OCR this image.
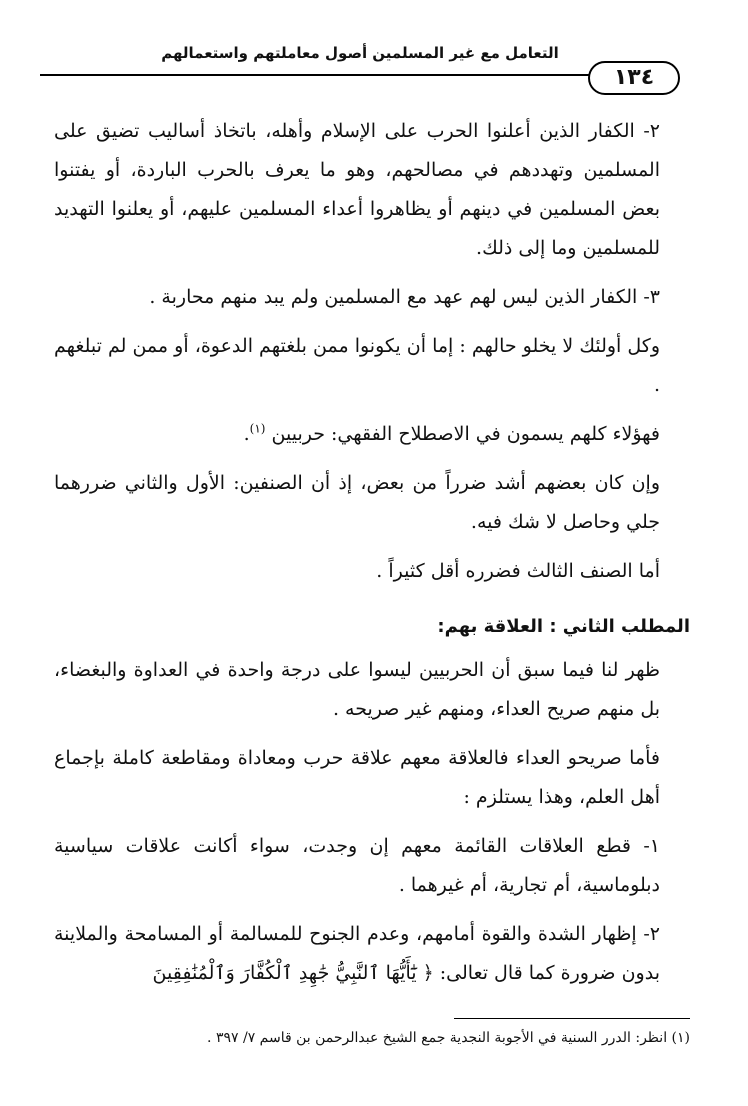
التعامل مع غير المسلمين أصول معاملتهم واستعمالهم
١٣٤

٢- الكفار الذين أعلنوا الحرب على الإسلام وأهله، باتخاذ أساليب تضيق على المسلمين وتهددهم في مصالحهم، وهو ما يعرف بالحرب الباردة، أو يفتنوا بعض المسلمين في دينهم أو يظاهروا أعداء المسلمين عليهم، أو يعلنوا التهديد للمسلمين وما إلى ذلك.

٣- الكفار الذين ليس لهم عهد مع المسلمين ولم يبد منهم محاربة .

وكل أولئك لا يخلو حالهم : إما أن يكونوا ممن بلغتهم الدعوة، أو ممن لم تبلغهم .

فهؤلاء كلهم يسمون في الاصطلاح الفقهي: حربيين $^{(١)}$.

وإن كان بعضهم أشد ضرراً من بعض، إذ أن الصنفين: الأول والثاني ضررهما جلي وحاصل لا شك فيه.

أما الصنف الثالث فضرره أقل كثيراً .

المطلب الثاني : العلاقة بهم:

ظهر لنا فيما سبق أن الحربيين ليسوا على درجة واحدة في العداوة والبغضاء، بل منهم صريح العداء، ومنهم غير صريحه .

فأما صريحو العداء فالعلاقة معهم علاقة حرب ومعاداة ومقاطعة كاملة بإجماع أهل العلم، وهذا يستلزم :

١- قطع العلاقات القائمة معهم إن وجدت، سواء أكانت علاقات سياسية دبلوماسية، أم تجارية، أم غيرهما .

٢- إظهار الشدة والقوة أمامهم، وعدم الجنوح للمسالمة أو المسامحة والملاينة بدون ضرورة كما قال تعالى: ﴿ يَٰٓأَيُّهَا ٱلنَّبِيُّ جَٰهِدِ ٱلْكُفَّارَ وَٱلْمُنَٰفِقِينَ

(١) انظر: الدرر السنية في الأجوبة النجدية جمع الشيخ عبدالرحمن بن قاسم ٧/ ٣٩٧ .
